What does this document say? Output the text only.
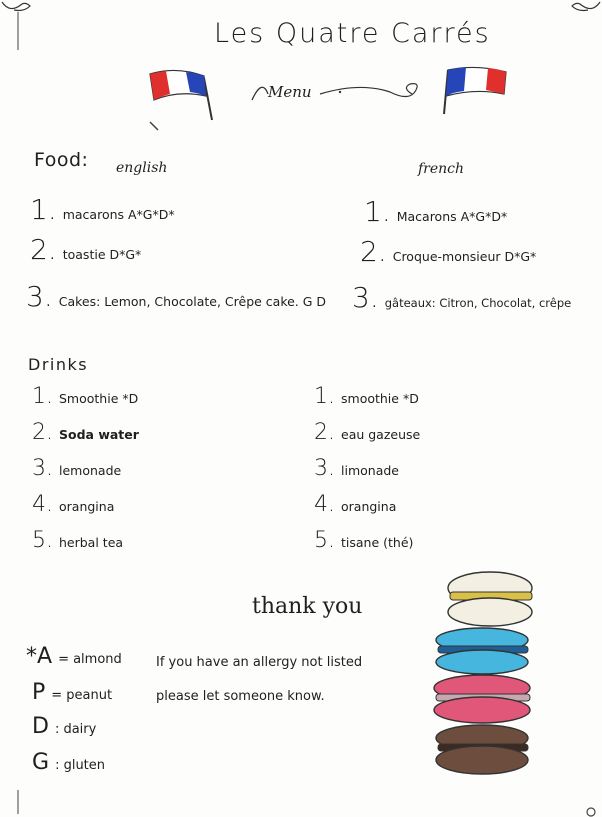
Les Quatre Carrés
Menu
Food: english	french
1. macarons A*G*D*
2. toastie D*G*
3. Cakes: Lemon, Chocolate, Crêpe cake. G D
1. Macarons A*G*D*
2. Croque-monsieur D*G*
3. gâteaux: Citron, Chocolat, crêpe
Drinks
1. Smoothie *D
2. Soda water
3. lemonade
4. orangina
5. herbal tea
1. smoothie *D
2. eau gazeuse
3. limonade
4. orangina
5. tisane (thé)
thank you
*A = almond
P = peanut
D : dairy
G : gluten
If you have an allergy not listed please let someone know.
